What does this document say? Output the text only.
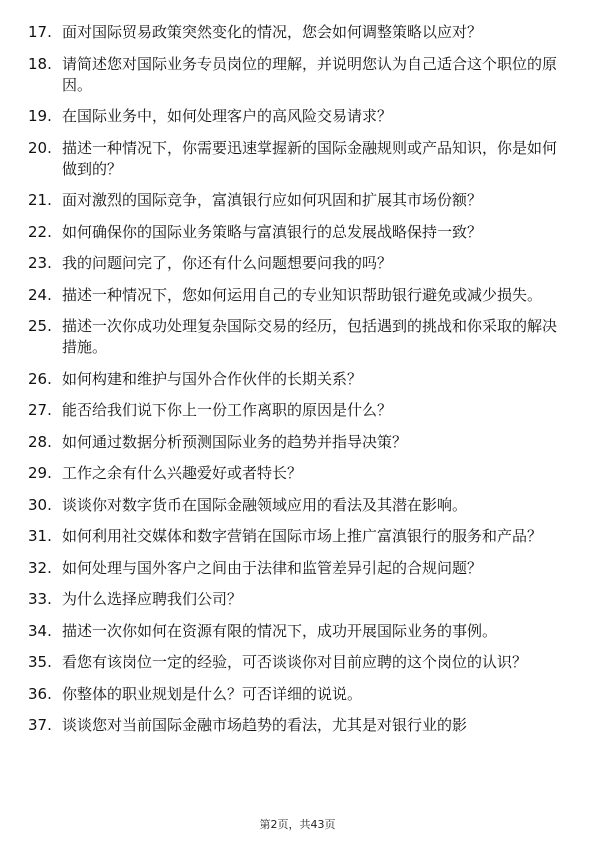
17. 面对国际贸易政策突然变化的情况，您会如何调整策略以应对？
18. 请简述您对国际业务专员岗位的理解，并说明您认为自己适合这个职位的原因。
19. 在国际业务中，如何处理客户的高风险交易请求？
20. 描述一种情况下，你需要迅速掌握新的国际金融规则或产品知识，你是如何做到的？
21. 面对激烈的国际竞争，富滇银行应如何巩固和扩展其市场份额？
22. 如何确保你的国际业务策略与富滇银行的总发展战略保持一致？
23. 我的问题问完了，你还有什么问题想要问我的吗？
24. 描述一种情况下，您如何运用自己的专业知识帮助银行避免或减少损失。
25. 描述一次你成功处理复杂国际交易的经历，包括遇到的挑战和你采取的解决措施。
26. 如何构建和维护与国外合作伙伴的长期关系？
27. 能否给我们说下你上一份工作离职的原因是什么？
28. 如何通过数据分析预测国际业务的趋势并指导决策？
29. 工作之余有什么兴趣爱好或者特长？
30. 谈谈你对数字货币在国际金融领域应用的看法及其潜在影响。
31. 如何利用社交媒体和数字营销在国际市场上推广富滇银行的服务和产品？
32. 如何处理与国外客户之间由于法律和监管差异引起的合规问题？
33. 为什么选择应聘我们公司？
34. 描述一次你如何在资源有限的情况下，成功开展国际业务的事例。
35. 看您有该岗位一定的经验，可否谈谈你对目前应聘的这个岗位的认识？
36. 你整体的职业规划是什么？可否详细的说说。
37. 谈谈您对当前国际金融市场趋势的看法，尤其是对银行业的影
第2页，共43页
